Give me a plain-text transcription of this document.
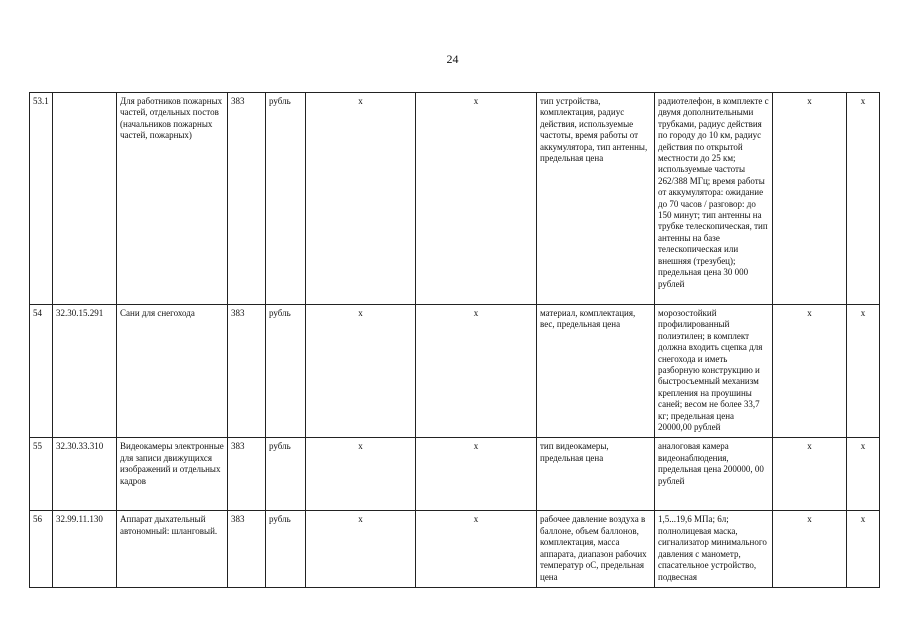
24
53.1		Для работников пожарных частей, отдельных постов (начальников пожарных частей, пожарных)	383	рубль	x	x	тип устройства, комплектация, радиус действия, используемые частоты, время работы от аккумулятора, тип антенны, предельная цена	радиотелефон, в комплекте с двумя дополнительными трубками, радиус действия по городу до 10 км, радиус действия по открытой местности до 25 км; используемые частоты 262/388 МГц; время работы от аккумулятора: ожидание до 70 часов / разговор: до 150 минут; тип антенны на трубке телескопическая, тип антенны на базе телескопическая или внешняя (трезубец); предельная цена 30 000 рублей	x	x
54	32.30.15.291	Сани для снегохода	383	рубль	x	x	материал, комплектация, вес, предельная цена	морозостойкий профилированный полиэтилен; в комплект должна входить сцепка для снегохода и иметь разборную конструкцию и быстросъемный механизм крепления на проушины саней; весом не более 33,7 кг; предельная цена 20000,00 рублей	x	x
55	32.30.33.310	Видеокамеры электронные для записи движущихся изображений и отдельных кадров	383	рубль	x	x	тип видеокамеры, предельная цена	аналоговая камера видеонаблюдения, предельная цена 200000, 00 рублей	x	x
56	32.99.11.130	Аппарат дыхательный автономный: шланговый.	383	рубль	x	x	рабочее давление воздуха в баллоне, объем баллонов, комплектация, масса аппарата, диапазон рабочих температур оС, предельная цена	1,5...19,6 МПа; 6л; полнолицевая маска, сигнализатор минимального давления с манометр, спасательное устройство, подвесная	x	x
